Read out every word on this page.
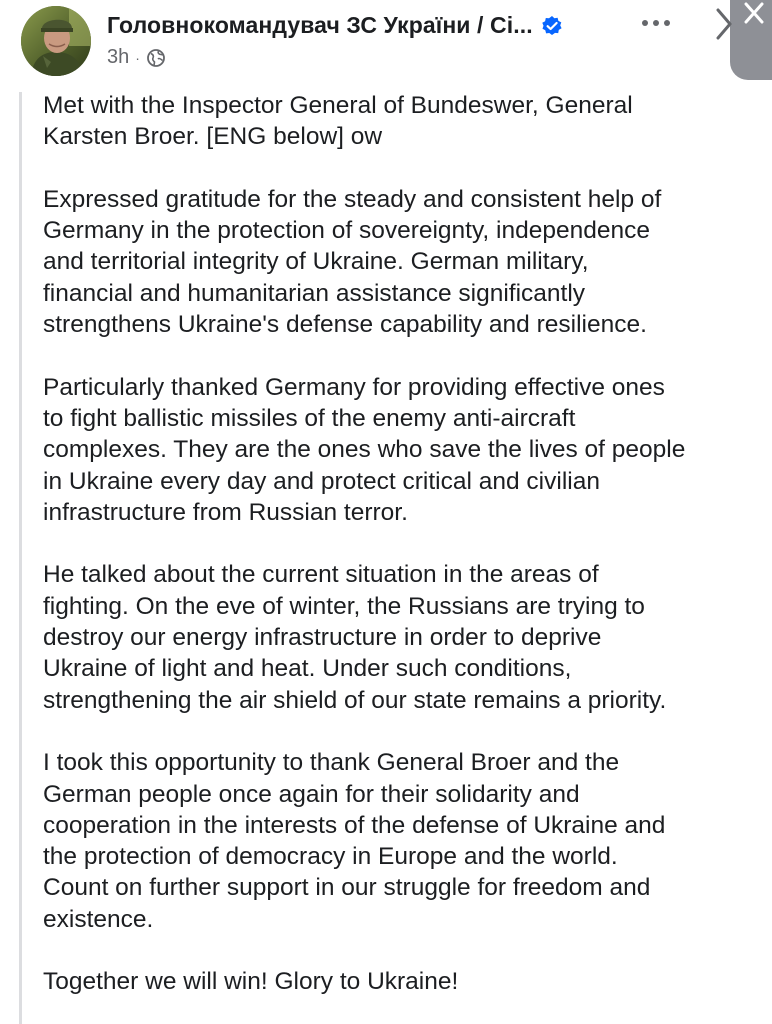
Головнокомандувач ЗС України / Ci...
3h ·

Met with the Inspector General of Bundeswer, General
Karsten Broer. [ENG below] ow

Expressed gratitude for the steady and consistent help of
Germany in the protection of sovereignty, independence
and territorial integrity of Ukraine. German military,
financial and humanitarian assistance significantly
strengthens Ukraine's defense capability and resilience.

Particularly thanked Germany for providing effective ones
to fight ballistic missiles of the enemy anti-aircraft
complexes. They are the ones who save the lives of people
in Ukraine every day and protect critical and civilian
infrastructure from Russian terror.

He talked about the current situation in the areas of
fighting. On the eve of winter, the Russians are trying to
destroy our energy infrastructure in order to deprive
Ukraine of light and heat. Under such conditions,
strengthening the air shield of our state remains a priority.

I took this opportunity to thank General Broer and the
German people once again for their solidarity and
cooperation in the interests of the defense of Ukraine and
the protection of democracy in Europe and the world.
Count on further support in our struggle for freedom and
existence.

Together we will win! Glory to Ukraine!
